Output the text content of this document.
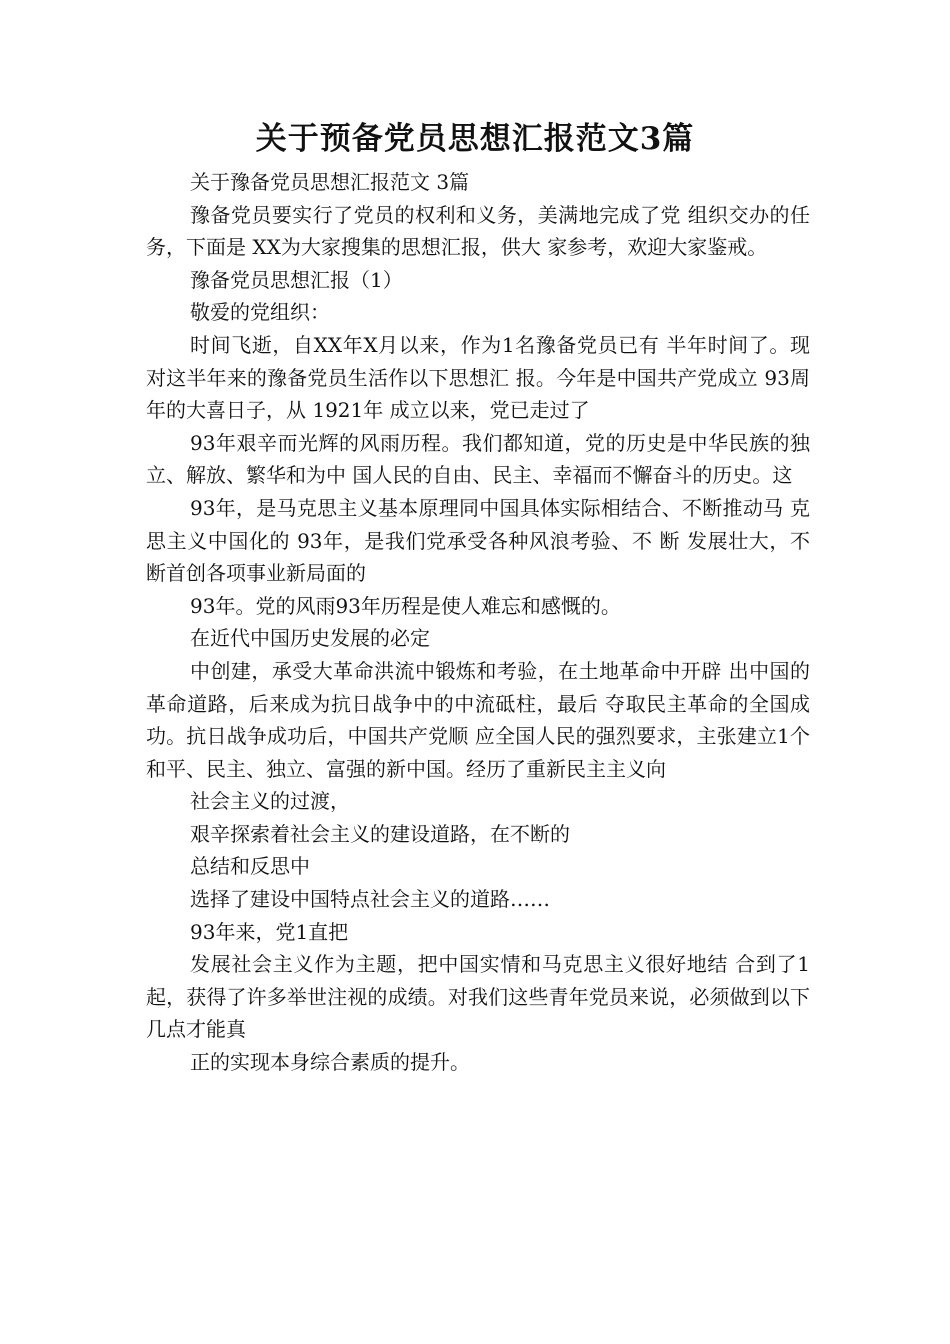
关于预备党员思想汇报范文3篇

关于豫备党员思想汇报范文 3篇

豫备党员要实行了党员的权利和义务，美满地完成了党 组织交办的任务，下面是 XX为大家搜集的思想汇报，供大 家参考，欢迎大家鉴戒。

豫备党员思想汇报（1）

敬爱的党组织：

时间飞逝，自XX年X月以来，作为1名豫备党员已有 半年时间了。现对这半年来的豫备党员生活作以下思想汇 报。今年是中国共产党成立 93周年的大喜日子，从 1921年 成立以来，党已走过了

93年艰辛而光辉的风雨历程。我们都知道，党的历史是中华民族的独立、解放、繁华和为中 国人民的自由、民主、幸福而不懈奋斗的历史。这

93年，是马克思主义基本原理同中国具体实际相结合、不断推动马 克思主义中国化的 93年，是我们党承受各种风浪考验、不 断 发展壮大，不断首创各项事业新局面的

93年。党的风雨93年历程是使人难忘和感慨的。

在近代中国历史发展的必定

中创建，承受大革命洪流中锻炼和考验，在土地革命中开辟 出中国的革命道路，后来成为抗日战争中的中流砥柱，最后 夺取民主革命的全国成功。抗日战争成功后，中国共产党顺 应全国人民的强烈要求，主张建立1个和平、民主、独立、富强的新中国。经历了重新民主主义向

社会主义的过渡，

艰辛探索着社会主义的建设道路，在不断的

总结和反思中

选择了建设中国特点社会主义的道路……

93年来，党1直把

发展社会主义作为主题，把中国实情和马克思主义很好地结 合到了1起，获得了许多举世注视的成绩。对我们这些青年党员来说，必须做到以下几点才能真

正的实现本身综合素质的提升。
